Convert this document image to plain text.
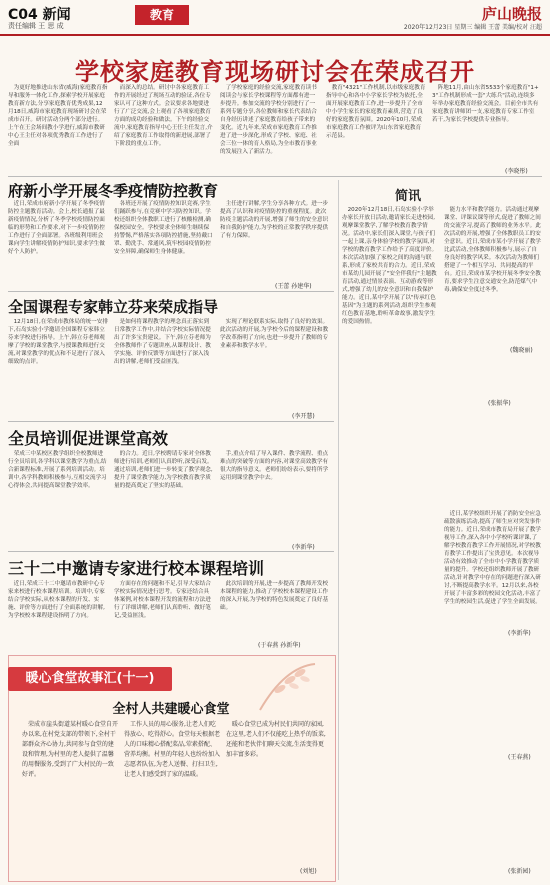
C04 新闻
责任编辑 王 思 成
教育	庐山晚报
2020年12月23日 星期三 编辑 王蕾 美编/校对 汪超
学校家庭教育现场研讨会在荣成召开
为更好地推进山东省(威海)家庭教育指导和服务一体化工作,探索学校开展家庭教育新方法,分享家庭教育优秀成果,12月18日,威海市家庭教育现场研讨会在荣成市召开。研讨活动分两个部分进行。上午在王会场间教小学进行,威海市教研中心王主任对各项优秀教育工作进行了全面
而深入的总结。研讨中各家庭教育工作的开展经过了现场互动的验证,各位专家认可了这种方式。会议要求各地要进行了广泛交流,会上观看了各项家庭教育方面的成功经验和做法。下午的经验交流中,家庭教育指导中心王任主任发言,介绍了家庭教育工作取得的新进展,部署了下阶段的重点工作。
了学校家庭的经验交流,家庭教育读书阅读会与家长学校课程等方面都有进一步提升。参加交流的学校分别进行了一系列专题分享,各位教师和家长代表结合自身经历讲述了家庭教育给孩子带来的变化。近九年来,荣成市家庭教育工作推进了进一步深化,形成了学校、家庭、社会三位一体的育人格局,为全市教育事业的发展注入了新活力。
教育"4321"工作机制,以市级家庭教育指导中心和各中小学家长学校为依托,全面开展家庭教育工作,进一步提升了全市中小学生家长的家庭教育素质,营造了良好的家庭教育氛围。2020年10月,荣成市家庭教育工作被评为山东省家庭教育示范县。
阵地11月,由山东省5533个家庭教育"1+3"工作机制形成一套"大练兵"活动,连续多年举办家庭教育经验交流会。目前全市共有家庭教育讲师团一支,家庭教育专家工作室若干,为家长学校提供专业指导。
(李晓彤)
府新小学开展冬季疫情防控教育
近日,荣成市府新小学开展了冬季疫情防控主题教育活动。会上,校长通报了最新疫情情况,分析了冬季学校疫情防控面临的形势和工作要求,对下一步疫情防控工作进行了全面部署。各班级利用班会课向学生讲解疫情防护知识,要求学生做好个人防护。
各班还开展了疫情防控知识竞赛,学生们踊跃参与,在竞赛中学习防控知识。学校还组织全体教职工进行了核酸检测,确保校园安全。学校要求全体师生继续保持警惕,严格落实各项防控措施,坚持戴口罩、勤洗手、常通风,筑牢校园疫情防控安全屏障,确保师生身体健康。
主任进行讲解,学生分享各种方式。进一步提高了认识和对疫情防控的重视程度。此次防疫主题活动的开展,增强了师生的安全意识和自我防护能力,为学校的正常教学秩序提供了有力保障。
(王蕾 孙建华)
全国课程专家韩立芬来荣成指导
12月18日,在荣成市教体局的统一安排下,石岛实验小学邀请全国课程专家韩立芬来学校进行指导。上午,韩立芬老师观摩了学校的课堂教学,与授课教师进行交流,对课堂教学的优点和不足进行了深入细致的点评。
是如何将课程教学的理念真正落实到日常教学工作中,并结合学校实际情况提出了许多宝贵建议。下午,韩立芬老师为全体教师作了专题讲座,从课程设计、教学实施、评价反馈等方面进行了深入浅出的讲解,老师们受益匪浅。
实现了理论联系实际,取得了良好的效果。此次活动的开展,为学校今后的课程建设和教学改革指明了方向,也进一步提升了教师的专业素养和教学水平。
(李开慧)
全员培训促进课堂高效
荣成三中某校区教学组织全校教师进行全员培训,各学科以课堂教学为重点,结合新课程标准,开展了系列培训活动。培训中,各学科教师积极参与,互相交流学习心得体会,共同提高课堂教学效率。
的合力。近日,学校聘请专家对全体教师进行培训,老师们认真聆听,深受启发。通过培训,老师们进一步转变了教学观念,提升了课堂教学能力,为学校教育教学质量的提高奠定了坚实的基础。
手,重点介绍了导入课件、教学流程、重点难点的突破等方面的内容,对课堂高效教学有很大的指导意义。老师们纷纷表示,要将所学运用到课堂教学中去。
(李新华)
三十二中邀请专家进行校本课程培训
近日,荣成三十二中邀请市教研中心专家来校进行校本课程培训。培训中,专家结合学校实际,从校本课程的开发、实施、评价等方面进行了全面系统的讲解,为学校校本课程建设指明了方向。
方面存在的问题和不足,引导大家结合学校实际情况进行思考。专家还结合具体案例,对校本课程开发的流程和方法进行了详细讲解,老师们认真聆听、做好笔记,受益匪浅。
此次培训的开展,进一步提高了教师开发校本课程的能力,推动了学校校本课程建设工作的深入开展,为学校的特色发展奠定了良好基础。
(于春燕 孙新华)
暖心食堂故事汇(十一)
全村人共建暖心食堂
荣成市崖头街道某村暖心食堂自开办以来,在村党支部的带领下,全村干部群众齐心协力,共同参与食堂的建设和管理,为村里的老人提供了温馨的用餐服务,受到了广大村民的一致好评。
工作人员的用心服务,让老人们吃得放心、吃得舒心。食堂每天根据老人的口味精心搭配菜品,荤素搭配、营养均衡。村里的年轻人也纷纷加入志愿者队伍,为老人送餐、打扫卫生,让老人们感受到了家的温暖。
暖心食堂已成为村民们共同的家园,在这里,老人们不仅能吃上热乎的饭菜,还能和老伙伴们聊天交流,生活变得更加丰富多彩。
(刘旭)
简讯
2020年12月18日,石岛实验小学举办家长开放日活动,邀请家长走进校园,观摩课堂教学,了解学校教育教学情况。活动中,家长们深入课堂,与孩子们一起上课,亲身体验学校的教学氛围,对学校的教育教学工作给予了高度评价。本次活动加强了家校之间的沟通与联系,形成了家校共育的合力。近日,荣成市某幼儿园开展了"安全伴我行"主题教育活动,通过情景表演、互动游戏等形式,增强了幼儿的安全意识和自我保护能力。近日,某中学开展了以"传承红色基因"为主题的系列活动,组织学生参观红色教育基地,聆听革命故事,激发学生的爱国热情。
能力水平和教学能力。活动通过观摩课堂、评课议课等形式,促进了教师之间的交流学习,提高了教师的业务水平。此次活动的开展,增强了全体教职员工的安全意识。近日,荣成市某小学开展了教学比武活动,全体教师积极参与,展示了自身良好的教学风采。本次活动为教师们搭建了一个相互学习、共同提高的平台。近日,荣成市某学校开展冬季安全教育,要求学生注意交通安全,防范煤气中毒,确保安全度过冬季。
(魏晓丽)
(张振华)
近日,某学校组织开展了消防安全应急疏散演练活动,提高了师生应对突发事件的能力。近日,荣成市教育局开展了教学视导工作,深入各中小学校听课评课,了解学校教育教学工作开展情况,对学校教育教学工作提出了宝贵意见。本次视导活动有效推动了全市中小学教育教学质量的提升。学校还组织教师开展了教研活动,针对教学中存在的问题进行深入研讨,不断提高教学水平。12月以来,各校开展了丰富多彩的校园文化活动,丰富了学生的校园生活,促进了学生全面发展。
(李新华)
(王春燕)
(张新园)
